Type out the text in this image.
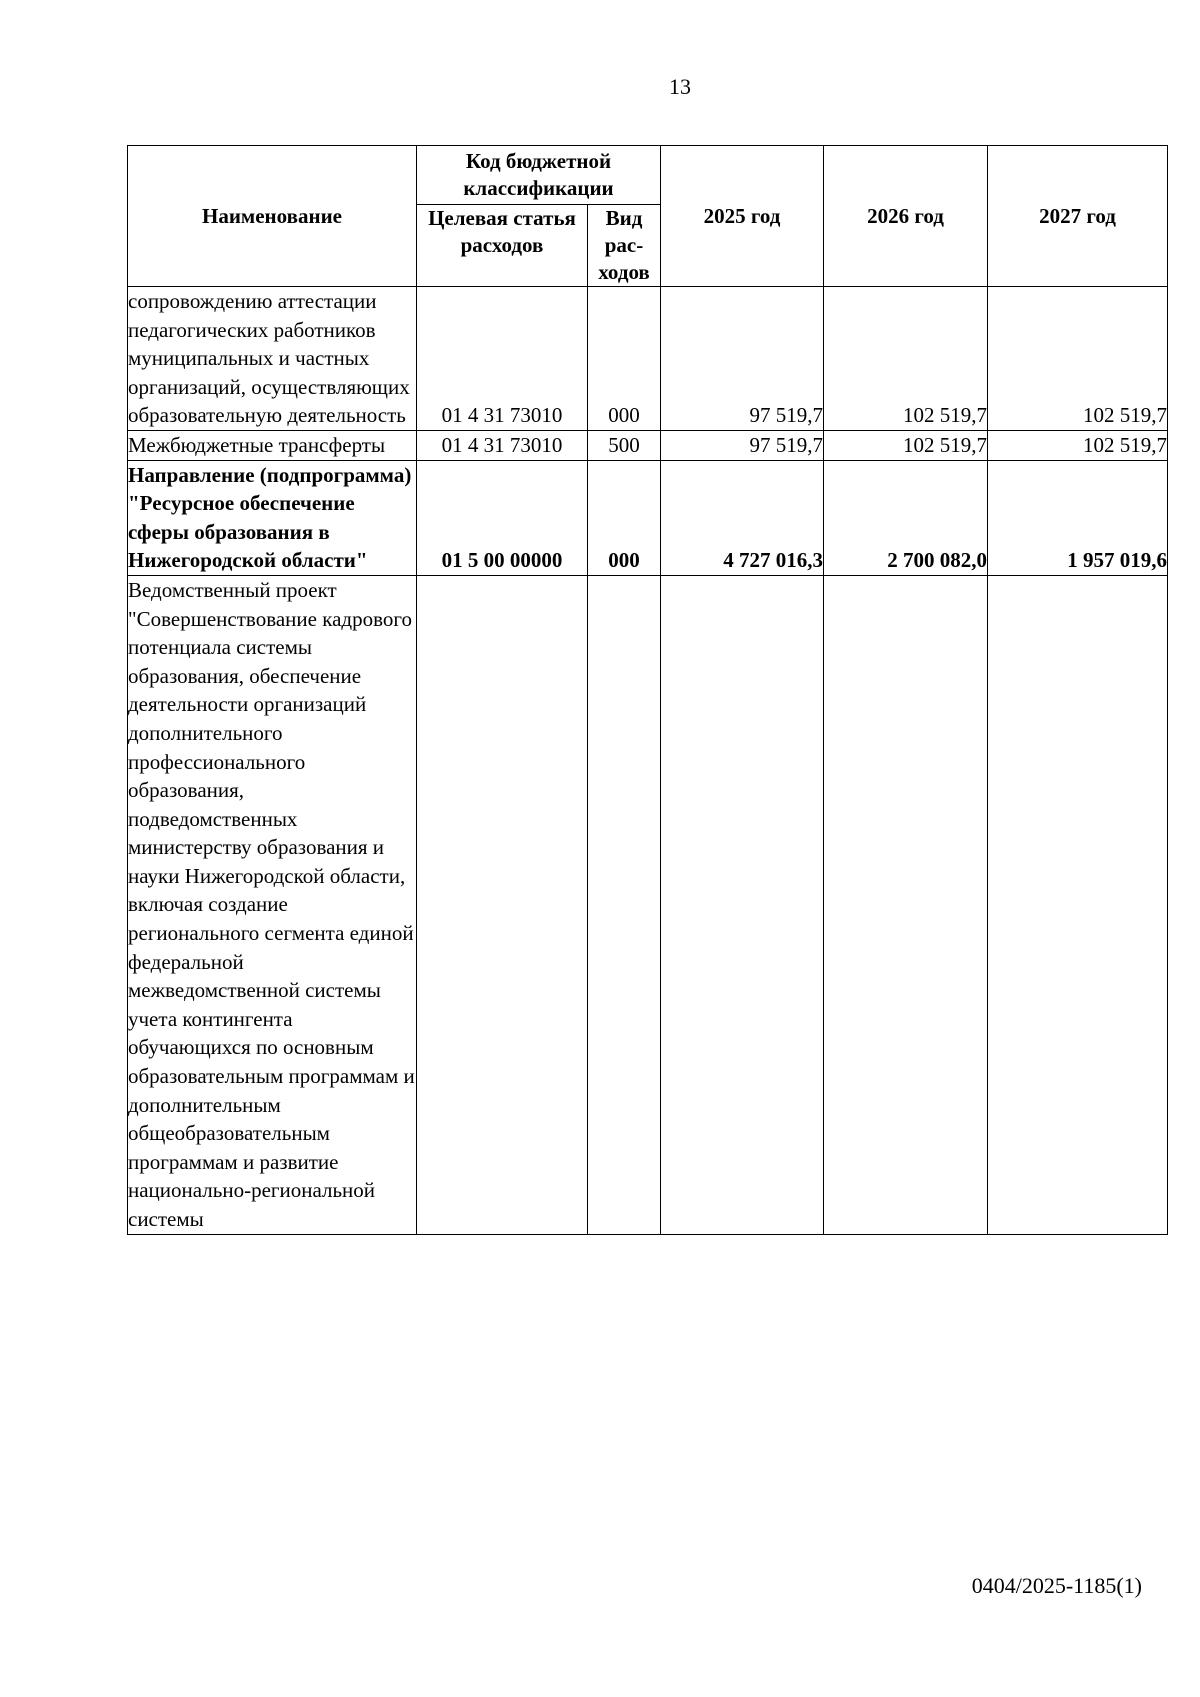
13
Наименование	Код бюджетной классификации		2025 год	2026 год	2027 год
	Целевая статья расходов	Вид рас-ходов			
сопровождению аттестации педагогических работников муниципальных и частных организаций, осуществляющих образовательную деятельность	01 4 31 73010	000	97 519,7	102 519,7	102 519,7
Межбюджетные трансферты	01 4 31 73010	500	97 519,7	102 519,7	102 519,7
Направление (подпрограмма) "Ресурсное обеспечение сферы образования в Нижегородской области"	01 5 00 00000	000	4 727 016,3	2 700 082,0	1 957 019,6
Ведомственный проект "Совершенствование кадрового потенциала системы образования, обеспечение деятельности организаций дополнительного профессионального образования, подведомственных министерству образования и науки Нижегородской области, включая создание регионального сегмента единой федеральной межведомственной системы учета контингента обучающихся по основным образовательным программам и дополнительным общеобразовательным программам и развитие национально-региональной системы					
0404/2025-1185(1)
